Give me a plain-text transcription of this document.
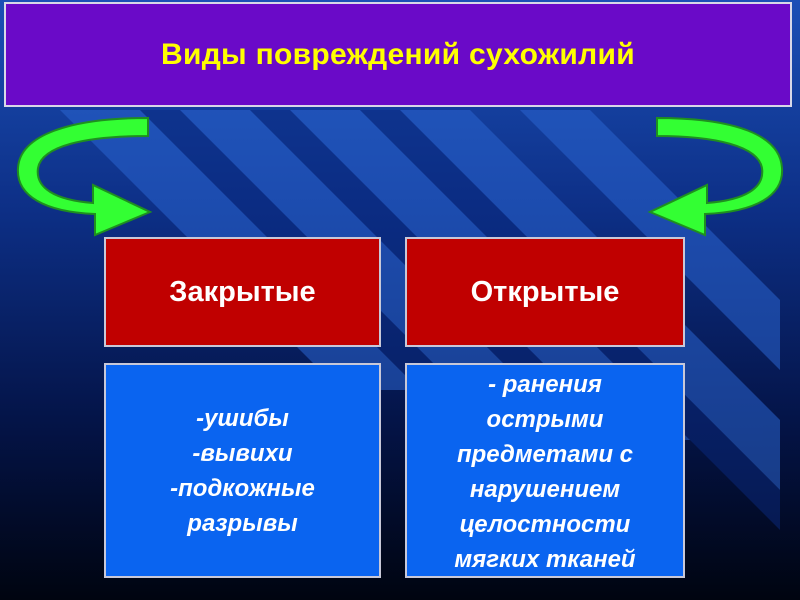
Виды повреждений сухожилий
Закрытые	Открытые
-ушибы
-вывихи
-подкожные
разрывы
- ранения
острыми
предметами с
нарушением
целостности
мягких тканей
